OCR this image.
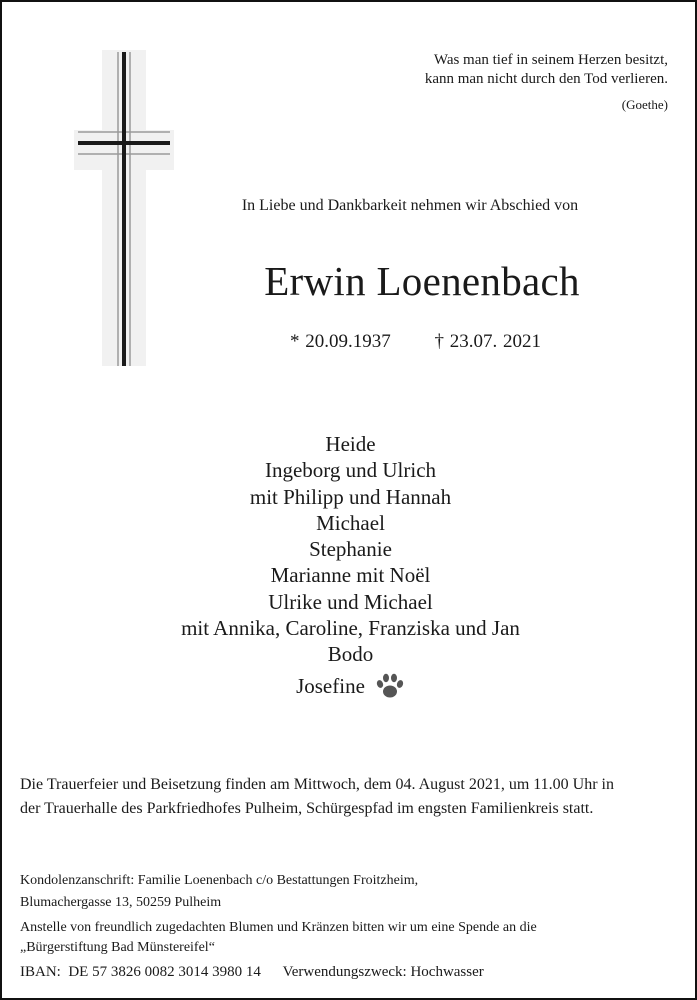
Was man tief in seinem Herzen besitzt,
kann man nicht durch den Tod verlieren.
(Goethe)
In Liebe und Dankbarkeit nehmen wir Abschied von
Erwin Loenenbach
* 20.09.1937 † 23.07. 2021
Heide
Ingeborg und Ulrich
mit Philipp und Hannah
Michael
Stephanie
Marianne mit Noël
Ulrike und Michael
mit Annika, Caroline, Franziska und Jan
Bodo
Josefine
Die Trauerfeier und Beisetzung finden am Mittwoch, dem 04. August 2021, um 11.00 Uhr in
der Trauerhalle des Parkfriedhofes Pulheim, Schürgespfad im engsten Familienkreis statt.
Kondolenzanschrift: Familie Loenenbach c/o Bestattungen Froitzheim,
Blumachergasse 13, 50259 Pulheim
Anstelle von freundlich zugedachten Blumen und Kränzen bitten wir um eine Spende an die
„Bürgerstiftung Bad Münstereifel“
IBAN:  DE 57 3826 0082 3014 3980 14 Verwendungszweck: Hochwasser
